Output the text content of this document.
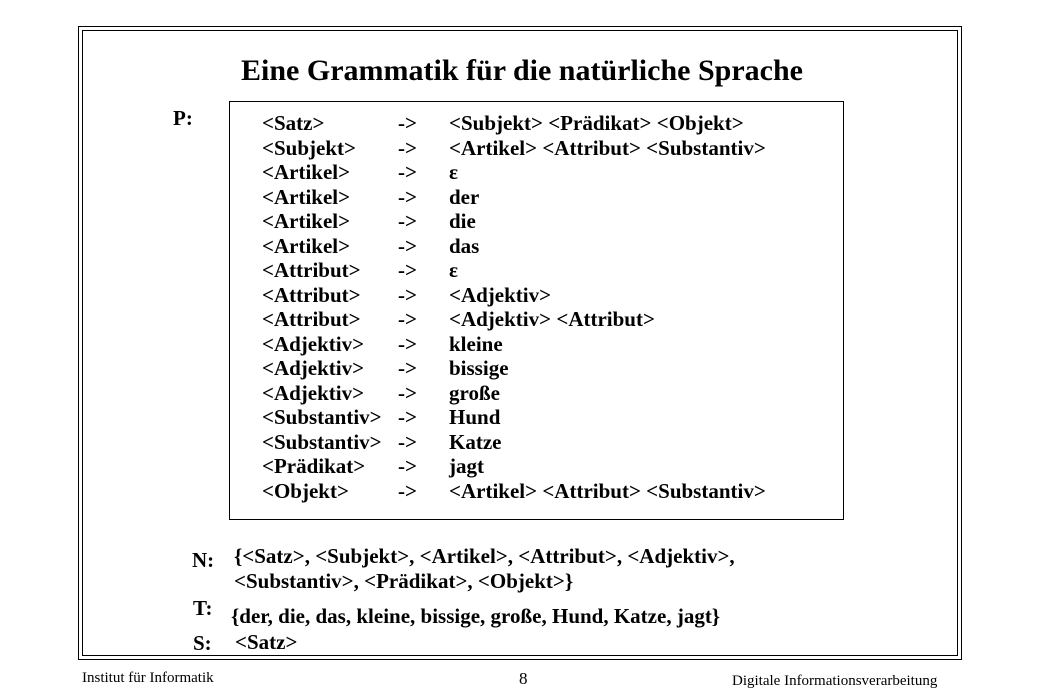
Eine Grammatik für die natürliche Sprache
P:	<Satz>	-> <Subjekt> <Prädikat> <Objekt>
<Subjekt> -> <Artikel> <Attribut> <Substantiv>
<Artikel> -> ε
<Artikel> -> der
<Artikel> -> die
<Artikel> -> das
<Attribut> -> ε
<Attribut> -> <Adjektiv>
<Attribut> -> <Adjektiv> <Attribut>
<Adjektiv> -> kleine
<Adjektiv> -> bissige
<Adjektiv> -> große
<Substantiv> -> Hund
<Substantiv> -> Katze
<Prädikat> -> jagt
<Objekt> -> <Artikel> <Attribut> <Substantiv>
N: {<Satz>, <Subjekt>, <Artikel>, <Attribut>, <Adjektiv>,
<Substantiv>, <Prädikat>, <Objekt>}
T: {der, die, das, kleine, bissige, große, Hund, Katze, jagt}
S: <Satz>
Institut für Informatik	8	Digitale Informationsverarbeitung
